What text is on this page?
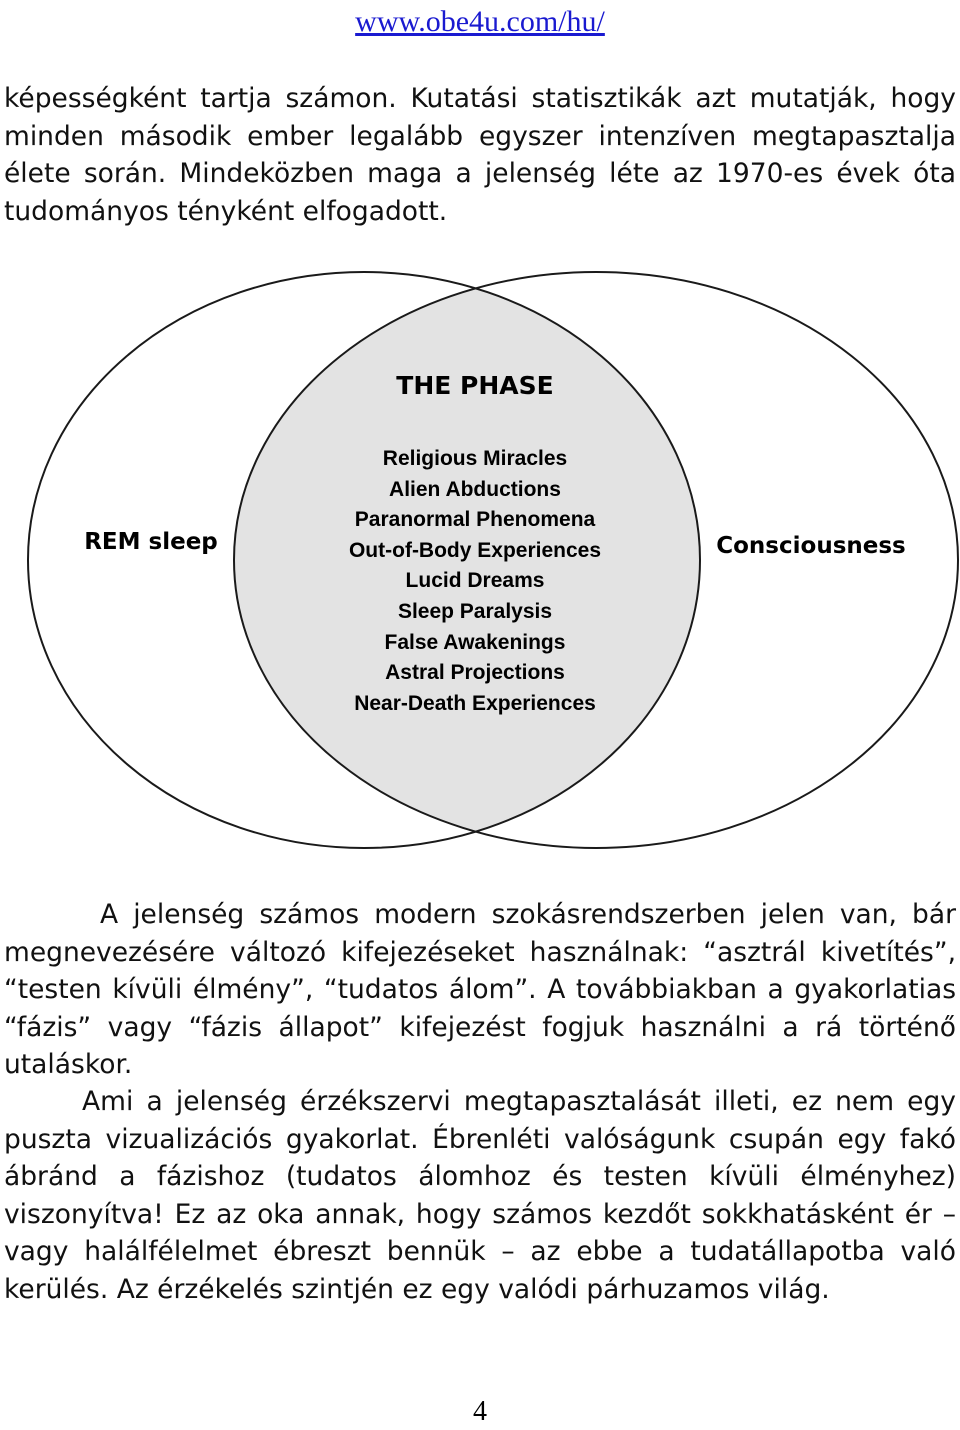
www.obe4u.com/hu/

képességként tartja számon. Kutatási statisztikák azt mutatják, hogy minden második ember legalább egyszer intenzíven megtapasztalja élete során. Mindeközben maga a jelenség léte az 1970-es évek óta tudományos tényként elfogadott.

THE PHASE
REM sleep	Consciousness
Religious Miracles
Alien Abductions
Paranormal Phenomena
Out-of-Body Experiences
Lucid Dreams
Sleep Paralysis
False Awakenings
Astral Projections
Near-Death Experiences

A jelenség számos modern szokásrendszerben jelen van, bár megnevezésére változó kifejezéseket használnak: “asztrál kivetítés”, “testen kívüli élmény”, “tudatos álom”. A továbbiakban a gyakorlatias “fázis” vagy “fázis állapot” kifejezést fogjuk használni a rá történő utaláskor.

Ami a jelenség érzékszervi megtapasztalását illeti, ez nem egy puszta vizualizációs gyakorlat. Ébrenléti valóságunk csupán egy fakó ábránd a fázishoz (tudatos álomhoz és testen kívüli élményhez) viszonyítva! Ez az oka annak, hogy számos kezdőt sokkhatásként ér – vagy halálfélelmet ébreszt bennük – az ebbe a tudatállapotba való kerülés. Az érzékelés szintjén ez egy valódi párhuzamos világ.

4
